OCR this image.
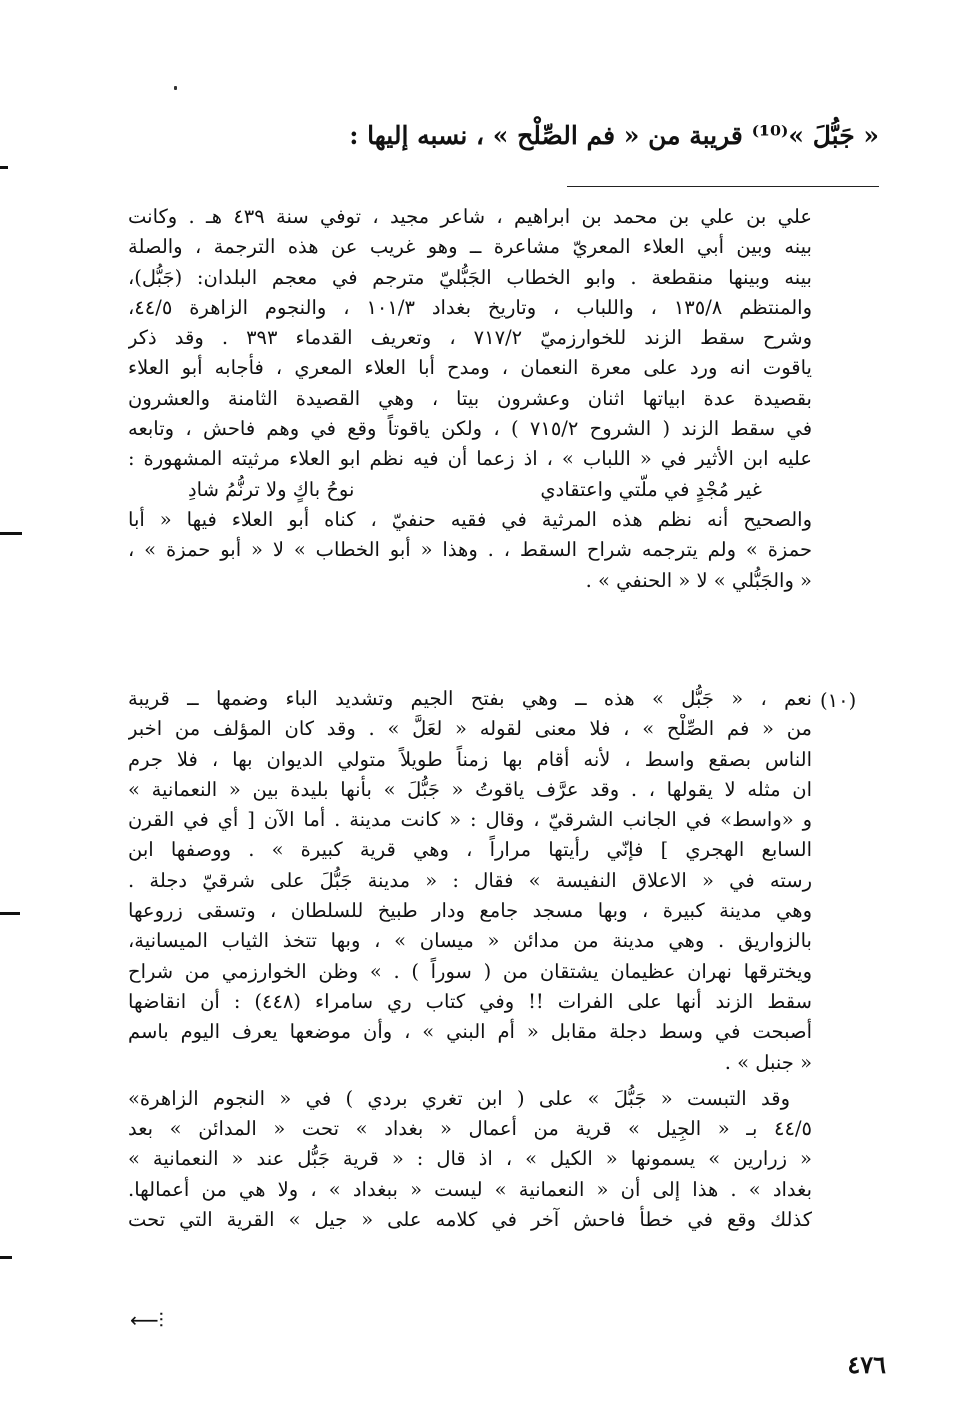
« جَبُّلَ »⁽¹⁰⁾ قريبة من « فم الصِّلْح » ، نسبه إليها :

علي بن علي بن محمد بن ابراهيم ، شاعر مجيد ، توفي سنة ٤٣٩ هـ . وكانت
بينه وبين أبي العلاء المعريّ مشاعرة ــ وهو غريب عن هذه الترجمة ، والصلة
بينه وبينها منقطعة . وابو الخطاب الجَبُّليّ مترجم في معجم البلدان: (جَبُّل)،
والمنتظم ١٣٥/٨ ، واللباب ، وتاريخ بغداد ١٠١/٣ ، والنجوم الزاهرة ٤٤/٥،
وشرح سقط الزند للخوارزميّ ٧١٧/٢ ، وتعريف القدماء ٣٩٣ . وقد ذكر
ياقوت انه ورد على معرة النعمان ، ومدح أبا العلاء المعري ، فأجابه أبو العلاء
بقصيدة عدة ابياتها اثنان وعشرون بيتا ، وهي القصيدة الثامنة والعشرون
في سقط الزند ( الشروح ٧١٥/٢ ) ، ولكن ياقوتاً وقع في وهم فاحش ، وتابعه
عليه ابن الأثير في « اللباب » ، اذ زعما أن فيه نظم ابو العلاء مرثيته المشهورة :

غير مُجْدٍ في ملّتي واعتقادي
نوحُ باكٍ ولا ترنُّمُ شادِ

والصحيح أنه نظم هذه المرثية في فقيه حنفيّ ، كناه أبو العلاء فيها « أبا
حمزة » ولم يترجمه شراح السقط ، . وهذا « أبو الخطاب » لا « أبو حمزة » ،
« والجَبُّلي » لا « الحنفي » .

(١٠)

نعم ، « جَبُّل » هذه ــ وهي بفتح الجيم وتشديد الباء وضمها ــ قريبة
من « فم الصِّلْح » ، فلا معنى لقوله « لعَلَّ » . وقد كان المؤلف من اخبر
الناس بصقع واسط ، لأنه أقام بها زمناً طويلاً متولي الديوان بها ، فلا جرم
ان مثله لا يقولها ، . وقد عرَّف ياقوتُ « جَبُّلَ » بأنها بليدة بين « النعمانية »
و «واسط» في الجانب الشرقيّ ، وقال : « كانت مدينة . أما الآن [ أي في القرن
السابع الهجري ] فإنّي رأيتها مراراً ، وهي قرية كبيرة » . ووصفها ابن
رسته في « الاعلاق النفيسة » فقال : « مدينة جَبُّلَ على شرقيّ دجلة .
وهي مدينة كبيرة ، وبها مسجد جامع ودار طبيخ للسلطان ، وتسقى زروعها
بالزواريق . وهي مدينة من مدائن « ميسان » ، وبها تتخذ الثياب الميسانية،
ويخترقها نهران عظيمان يشتقان من ( سوراً ) . » وظن الخوارزمي من شراح
سقط الزند أنها على الفرات !! وفي كتاب ري سامراء (٤٤٨) : أن انقاضها
أصبحت في وسط دجلة مقابل « أم البني » ، وأن موضعها يعرف اليوم باسم
« جنبل » .

وقد التبست « جَبُّلَ » على ( ابن تغري بردي ) في « النجوم الزاهرة»
٤٤/٥ بـ « الجِيل » قرية من أعمال « بغداد » تحت « المدائن » بعد
« زرارين » يسمونها « الكيل » ، اذ قال : « قرية جَبُّل عند « النعمانية »
بغداد » . هذا إلى أن « النعمانية » ليست « ببغداد » ، ولا هي من أعمالها.
كذلك وقع في خطأ فاحش آخر في كلامه على « جيل » القرية التي تحت

⟵⫶
٤٧٦
